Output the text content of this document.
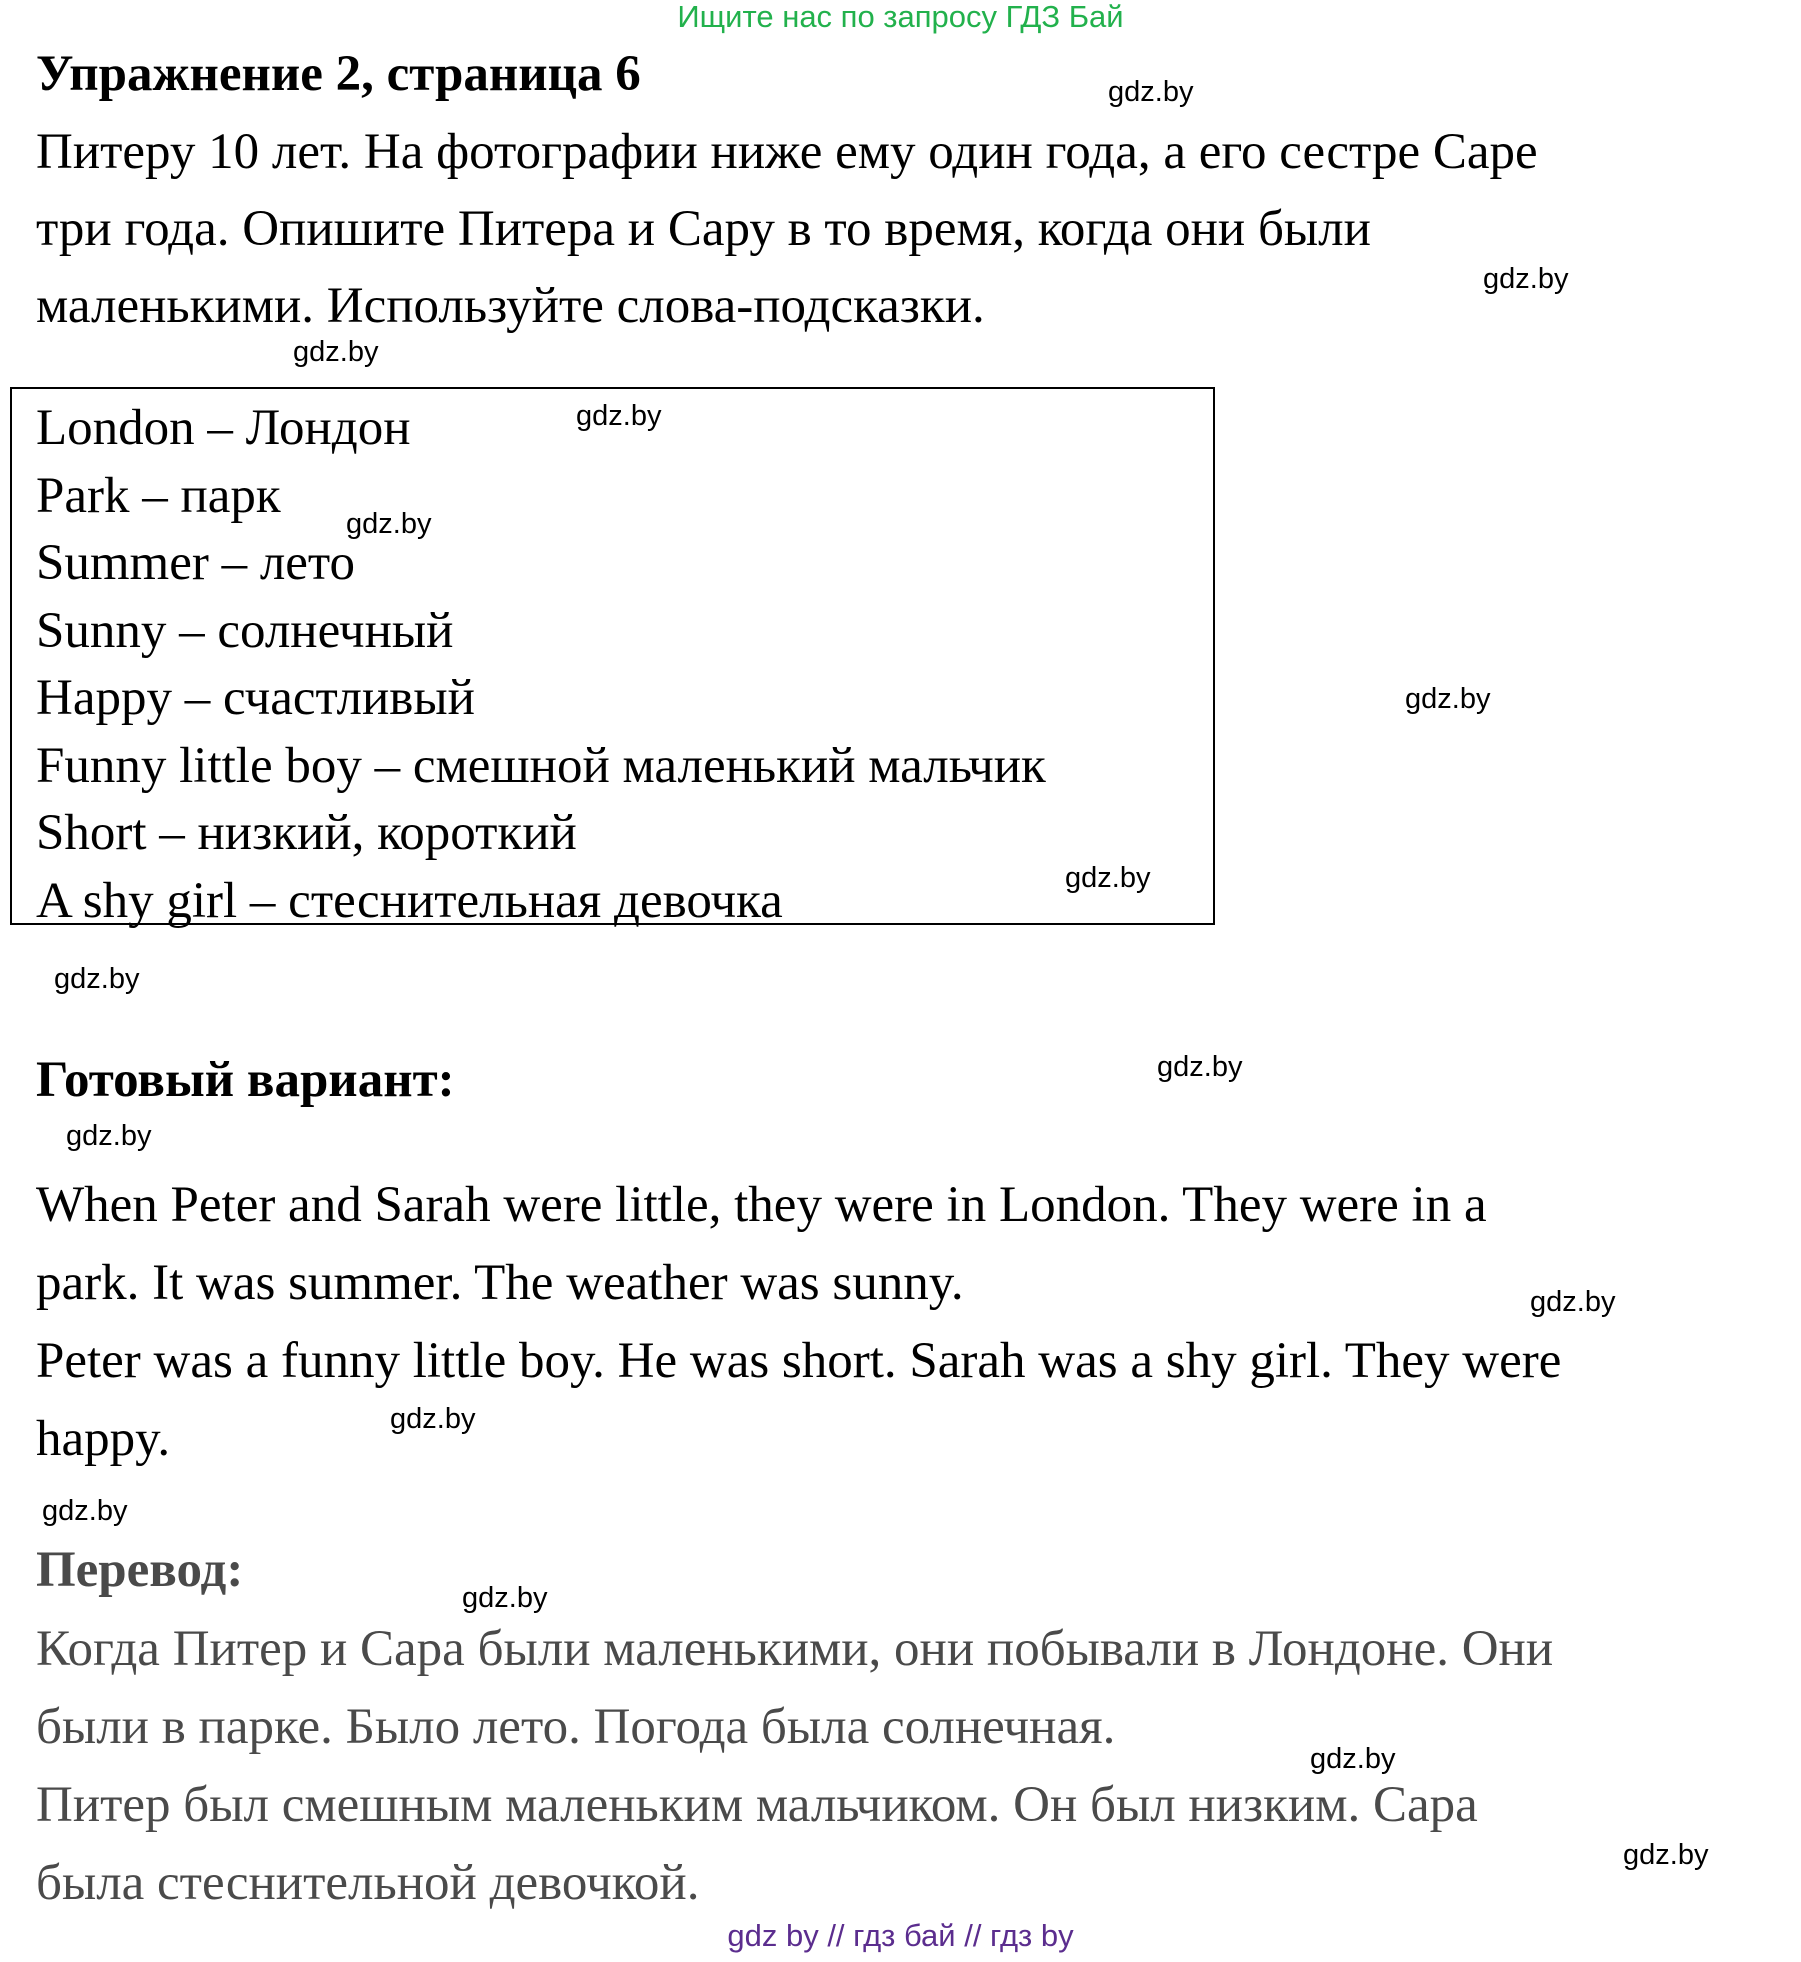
Ищите нас по запросу ГДЗ Бай
Упражнение 2, страница 6
Питеру 10 лет. На фотографии ниже ему один года, а его сестре Саре
три года. Опишите Питера и Сару в то время, когда они были
маленькими. Используйте слова-подсказки.
London – Лондон
Park – парк
Summer – лето
Sunny – солнечный
Happy – счастливый
Funny little boy – смешной маленький мальчик
Short – низкий, короткий
A shy girl – стеснительная девочка
Готовый вариант:
When Peter and Sarah were little, they were in London. They were in a
park. It was summer. The weather was sunny.
Peter was a funny little boy. He was short. Sarah was a shy girl. They were
happy.
Перевод:
Когда Питер и Сара были маленькими, они побывали в Лондоне. Они
были в парке. Было лето. Погода была солнечная.
Питер был смешным маленьким мальчиком. Он был низким. Сара
была стеснительной девочкой.
gdz.by
gdz.by
gdz.by
gdz.by
gdz.by
gdz.by
gdz.by
gdz.by
gdz.by
gdz.by
gdz.by
gdz.by
gdz.by
gdz.by
gdz.by
gdz.by
gdz by // гдз бай // гдз by
